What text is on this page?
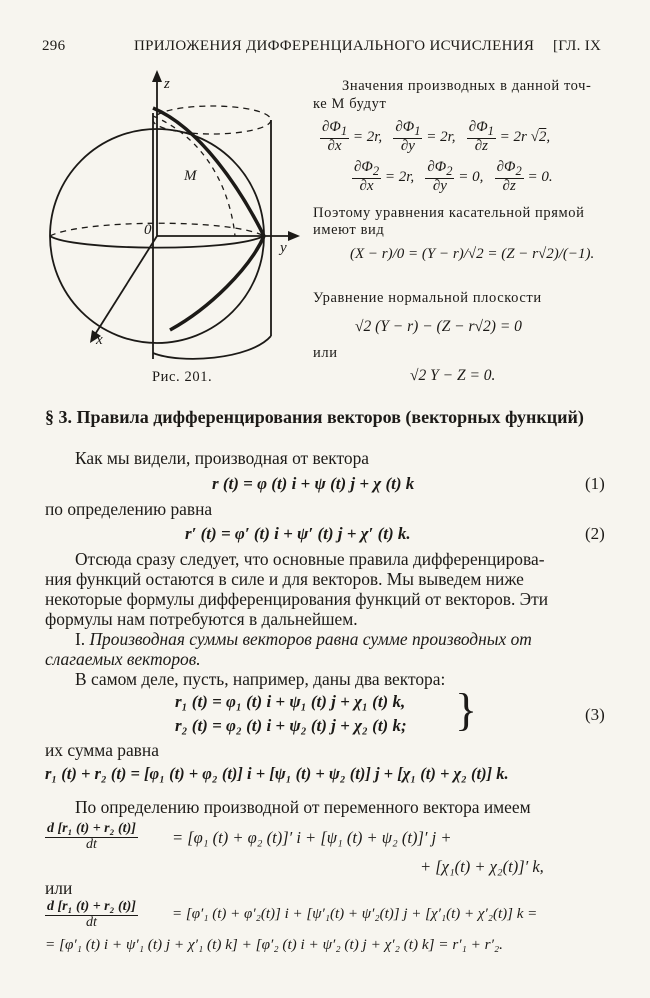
296	ПРИЛОЖЕНИЯ ДИФФЕРЕНЦИАЛЬНОГО ИСЧИСЛЕНИЯ [ГЛ. IX
z
y
x
M
0
Рис. 201.
Значения производных в данной точ-
ке M будут
$\frac{\partial\Phi_1}{\partial x} = 2r$, $\frac{\partial\Phi_1}{\partial y} = 2r$, $\frac{\partial\Phi_1}{\partial z} = 2r$ √2,
$\frac{\partial\Phi_2}{\partial x} = 2r$, $\frac{\partial\Phi_2}{\partial y} = 0$, $\frac{\partial\Phi_2}{\partial z} = 0$.
Поэтому уравнения касательной прямой
имеют вид
(X − r)/0 = (Y − r)/√2 = (Z − r√2)/(−1).
Уравнение нормальной плоскости
√2 (Y − r) − (Z − r√2) = 0
или
√2 Y − Z = 0.
§ 3. Правила дифференцирования векторов (векторных функций)
Как мы видели, производная от вектора
r (t) = φ (t) i + ψ (t) j + χ (t) k	(1)
по определению равна
r′ (t) = φ′ (t) i + ψ′ (t) j + χ′ (t) k.	(2)
Отсюда сразу следует, что основные правила дифференцирова-
ния функций остаются в силе и для векторов. Мы выведем ниже
некоторые формулы дифференцирования функций от векторов. Эти
формулы нам потребуются в дальнейшем.
I. Производная суммы векторов равна сумме производных от
слагаемых векторов.
В самом деле, пусть, например, даны два вектора:
r₁ (t) = φ₁ (t) i + ψ₁ (t) j + χ₁ (t) k,
r₂ (t) = φ₂ (t) i + ψ₂ (t) j + χ₂ (t) k; }	(3)
их сумма равна
r₁ (t) + r₂ (t) = [φ₁ (t) + φ₂ (t)] i + [ψ₁ (t) + ψ₂ (t)] j + [χ₁ (t) + χ₂ (t)] k.
По определению производной от переменного вектора имеем
$\frac{\text{d [r₁ (t) + r₂ (t)]}}{dt} = [\varphi_1$ (t) + φ₂ (t)]′ i + [ψ₁ (t) + ψ₂ (t)]′ j +
+ [χ₁(t) + χ₂(t)]′ k,
или
$\frac{\text{d [r₁ (t) + r₂ (t)]}}{dt} = [\varphi'_1$ (t) + φ′₂(t)] i + [ψ′₁(t) + ψ′₂(t)] j + [χ′₁(t) + χ′₂(t)] k =
= [φ′₁ (t) i + ψ′₁ (t) j + χ′₁ (t) k] + [φ′₂ (t) i + ψ′₂ (t) j + χ′₂ (t) k] = r′₁ + r′₂.
